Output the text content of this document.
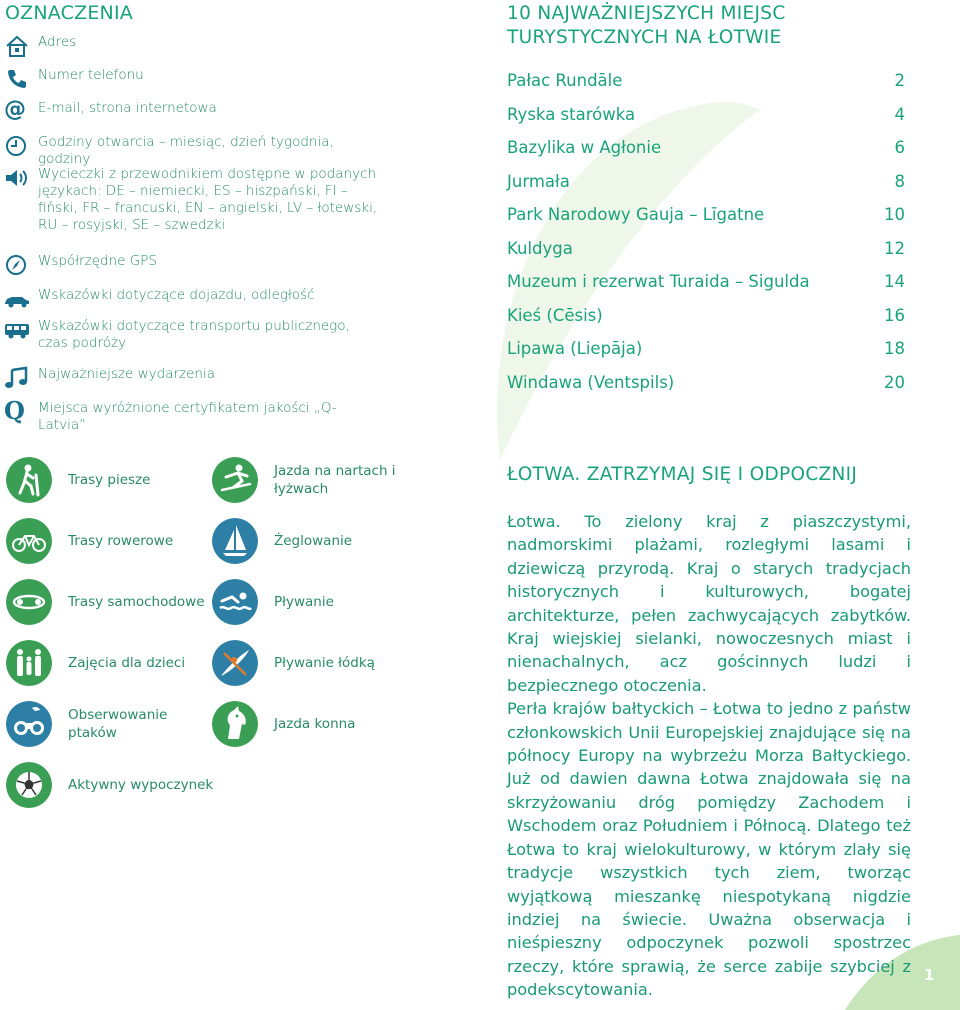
OZNACZENIA
Adres
Numer telefonu
@ E-mail, strona internetowa
Godziny otwarcia – miesiąc, dzień tygodnia, godziny
Wycieczki z przewodnikiem dostępne w podanych językach: DE – niemiecki, ES – hiszpański, FI – fiński, FR – francuski, EN – angielski, LV – łotewski, RU – rosyjski, SE – szwedzki
Współrzędne GPS
Wskazówki dotyczące dojazdu, odległość
Wskazówki dotyczące transportu publicznego, czas podróży
Najważniejsze wydarzenia
Q Miejsca wyróżnione certyfikatem jakości „Q-Latvia”
Trasy piesze
Trasy rowerowe
Trasy samochodowe
Zajęcia dla dzieci
Obserwowanie ptaków
Aktywny wypoczynek
Jazda na nartach i łyżwach
Żeglowanie
Pływanie
Pływanie łódką
Jazda konna
10 NAJWAŻNIEJSZYCH MIEJSC TURYSTYCZNYCH NA ŁOTWIE
Pałac Rundāle	2
Ryska starówka	4
Bazylika w Agłonie	6
Jurmała	8
Park Narodowy Gauja – Līgatne	10
Kuldyga	12
Muzeum i rezerwat Turaida – Sigulda	14
Kieś (Cēsis)	16
Lipawa (Liepāja)	18
Windawa (Ventspils)	20
ŁOTWA. ZATRZYMAJ SIĘ I ODPOCZNIJ

Łotwa. To zielony kraj z piaszczystymi, nadmorskimi plażami, rozległymi lasami i dziewiczą przyrodą. Kraj o starych tradycjach historycznych i kulturowych, bogatej architekturze, pełen zachwycających zabytków. Kraj wiejskiej sielanki, nowoczesnych miast i nienachalnych, acz gościnnych ludzi i bezpiecznego otoczenia.

Perła krajów bałtyckich – Łotwa to jedno z państw członkowskich Unii Europejskiej znajdujące się na północy Europy na wybrzeżu Morza Bałtyckiego. Już od dawien dawna Łotwa znajdowała się na skrzyżowaniu dróg pomiędzy Zachodem i Wschodem oraz Południem i Północą. Dlatego też Łotwa to kraj wielokulturowy, w którym zlały się tradycje wszystkich tych ziem, tworząc wyjątkową mieszankę niespotykaną nigdzie indziej na świecie. Uważna obserwacja i nieśpieszny odpoczynek pozwoli spostrzec rzeczy, które sprawią, że serce zabije szybciej z podekscytowania.

1
